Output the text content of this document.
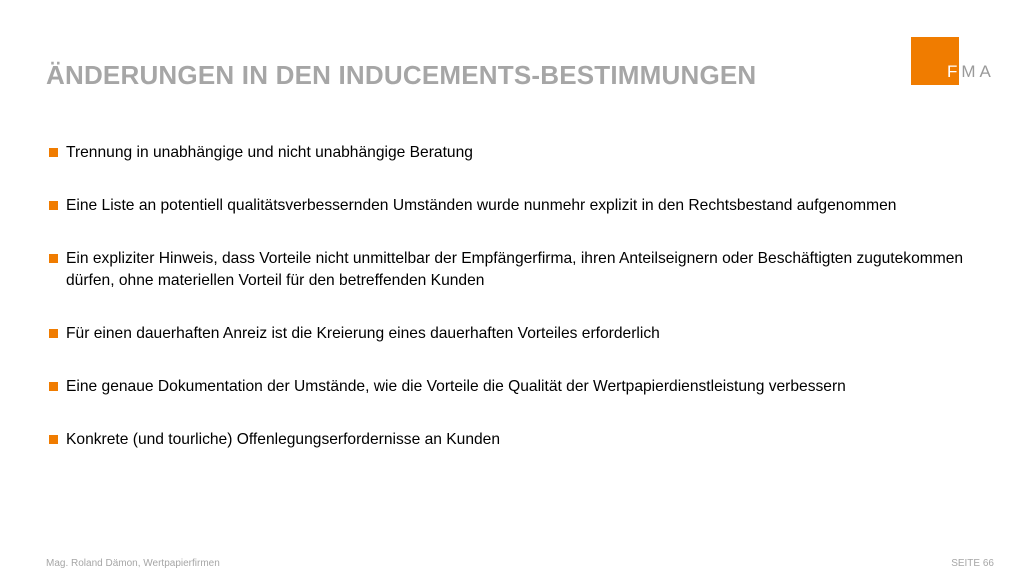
ÄNDERUNGEN IN DEN INDUCEMENTS-BESTIMMUNGEN	FMA
Trennung in unabhängige und nicht unabhängige Beratung
Eine Liste an potentiell qualitätsverbessernden Umständen wurde nunmehr explizit in den Rechtsbestand aufgenommen
Ein expliziter Hinweis, dass Vorteile nicht unmittelbar der Empfängerfirma, ihren Anteilseignern oder Beschäftigten zugutekommen dürfen, ohne materiellen Vorteil für den betreffenden Kunden
Für einen dauerhaften Anreiz ist die Kreierung eines dauerhaften Vorteiles erforderlich
Eine genaue Dokumentation der Umstände, wie die Vorteile die Qualität der Wertpapierdienstleistung verbessern
Konkrete (und tourliche) Offenlegungserfordernisse an Kunden
Mag. Roland Dämon, Wertpapierfirmen	SEITE 66
